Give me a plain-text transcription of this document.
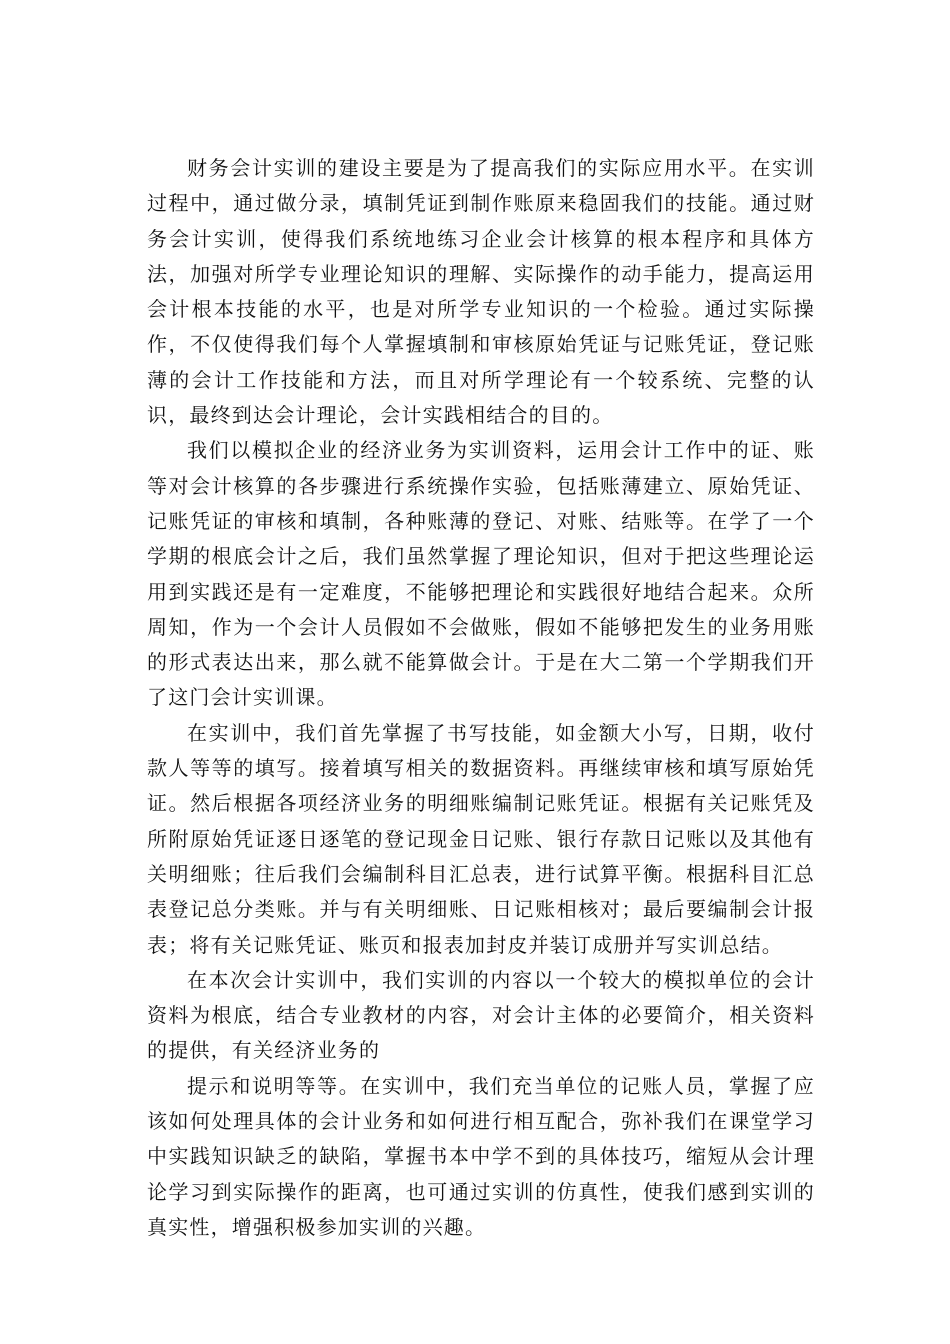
财务会计实训的建设主要是为了提高我们的实际应用水平。在实训过程中，通过做分录，填制凭证到制作账原来稳固我们的技能。通过财务会计实训，使得我们系统地练习企业会计核算的根本程序和具体方法，加强对所学专业理论知识的理解、实际操作的动手能力，提高运用会计根本技能的水平，也是对所学专业知识的一个检验。通过实际操作，不仅使得我们每个人掌握填制和审核原始凭证与记账凭证，登记账薄的会计工作技能和方法，而且对所学理论有一个较系统、完整的认识，最终到达会计理论，会计实践相结合的目的。

我们以模拟企业的经济业务为实训资料，运用会计工作中的证、账等对会计核算的各步骤进行系统操作实验，包括账薄建立、原始凭证、记账凭证的审核和填制，各种账薄的登记、对账、结账等。在学了一个学期的根底会计之后，我们虽然掌握了理论知识，但对于把这些理论运用到实践还是有一定难度，不能够把理论和实践很好地结合起来。众所周知，作为一个会计人员假如不会做账，假如不能够把发生的业务用账的形式表达出来，那么就不能算做会计。于是在大二第一个学期我们开了这门会计实训课。

在实训中，我们首先掌握了书写技能，如金额大小写，日期，收付款人等等的填写。接着填写相关的数据资料。再继续审核和填写原始凭证。然后根据各项经济业务的明细账编制记账凭证。根据有关记账凭及所附原始凭证逐日逐笔的登记现金日记账、银行存款日记账以及其他有关明细账；往后我们会编制科目汇总表，进行试算平衡。根据科目汇总表登记总分类账。并与有关明细账、日记账相核对；最后要编制会计报表；将有关记账凭证、账页和报表加封皮并装订成册并写实训总结。

在本次会计实训中，我们实训的内容以一个较大的模拟单位的会计资料为根底，结合专业教材的内容，对会计主体的必要简介，相关资料的提供，有关经济业务的

提示和说明等等。在实训中，我们充当单位的记账人员，掌握了应该如何处理具体的会计业务和如何进行相互配合，弥补我们在课堂学习中实践知识缺乏的缺陷，掌握书本中学不到的具体技巧，缩短从会计理论学习到实际操作的距离，也可通过实训的仿真性，使我们感到实训的真实性，增强积极参加实训的兴趣。
